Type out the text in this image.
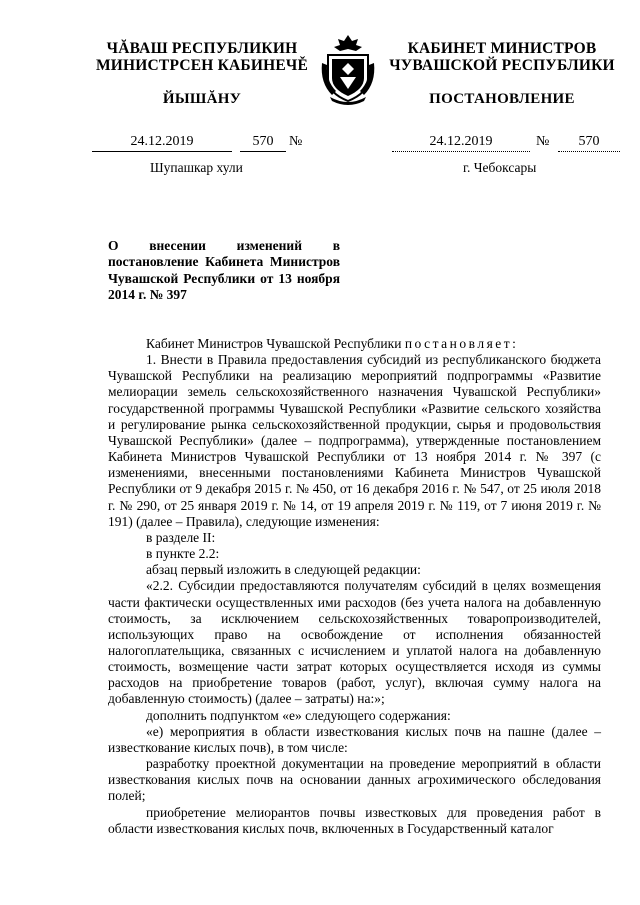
ЧĂВАШ РЕСПУБЛИКИН
МИНИСТРСЕН КАБИНЕЧĚ
ЙЫШĂНУ
КАБИНЕТ МИНИСТРОВ
ЧУВАШСКОЙ РЕСПУБЛИКИ
ПОСТАНОВЛЕНИЕ
24.12.2019	570	№	24.12.2019	№	570
Шупашкар хули	г. Чебоксары
О внесении изменений в постановление Кабинета Министров Чувашской Республики от 13 ноября 2014 г. № 397

Кабинет Министров Чувашской Республики постановляет:

1. Внести в Правила предоставления субсидий из республиканского бюджета Чувашской Республики на реализацию мероприятий подпрограммы «Развитие мелиорации земель сельскохозяйственного назначения Чувашской Республики» государственной программы Чувашской Республики «Развитие сельского хозяйства и регулирование рынка сельскохозяйственной продукции, сырья и продовольствия Чувашской Республики» (далее – подпрограмма), утвержденные постановлением Кабинета Министров Чувашской Республики от 13 ноября 2014 г. № 397 (с изменениями, внесенными постановлениями Кабинета Министров Чувашской Республики от 9 декабря 2015 г. № 450, от 16 декабря 2016 г. № 547, от 25 июля 2018 г. № 290, от 25 января 2019 г. № 14, от 19 апреля 2019 г. № 119, от 7 июня 2019 г. № 191) (далее – Правила), следующие изменения:

в разделе II:

в пункте 2.2:

абзац первый изложить в следующей редакции:

«2.2. Субсидии предоставляются получателям субсидий в целях возмещения части фактически осуществленных ими расходов (без учета налога на добавленную стоимость, за исключением сельскохозяйственных товаропроизводителей, использующих право на освобождение от исполнения обязанностей налогоплательщика, связанных с исчислением и уплатой налога на добавленную стоимость, возмещение части затрат которых осуществляется исходя из суммы расходов на приобретение товаров (работ, услуг), включая сумму налога на добавленную стоимость) (далее – затраты) на:»;

дополнить подпунктом «е» следующего содержания:

«е) мероприятия в области известкования кислых почв на пашне (далее – известкование кислых почв), в том числе:

разработку проектной документации на проведение мероприятий в области известкования кислых почв на основании данных агрохимического обследования полей;

приобретение мелиорантов почвы известковых для проведения работ в области известкования кислых почв, включенных в Государственный каталог
